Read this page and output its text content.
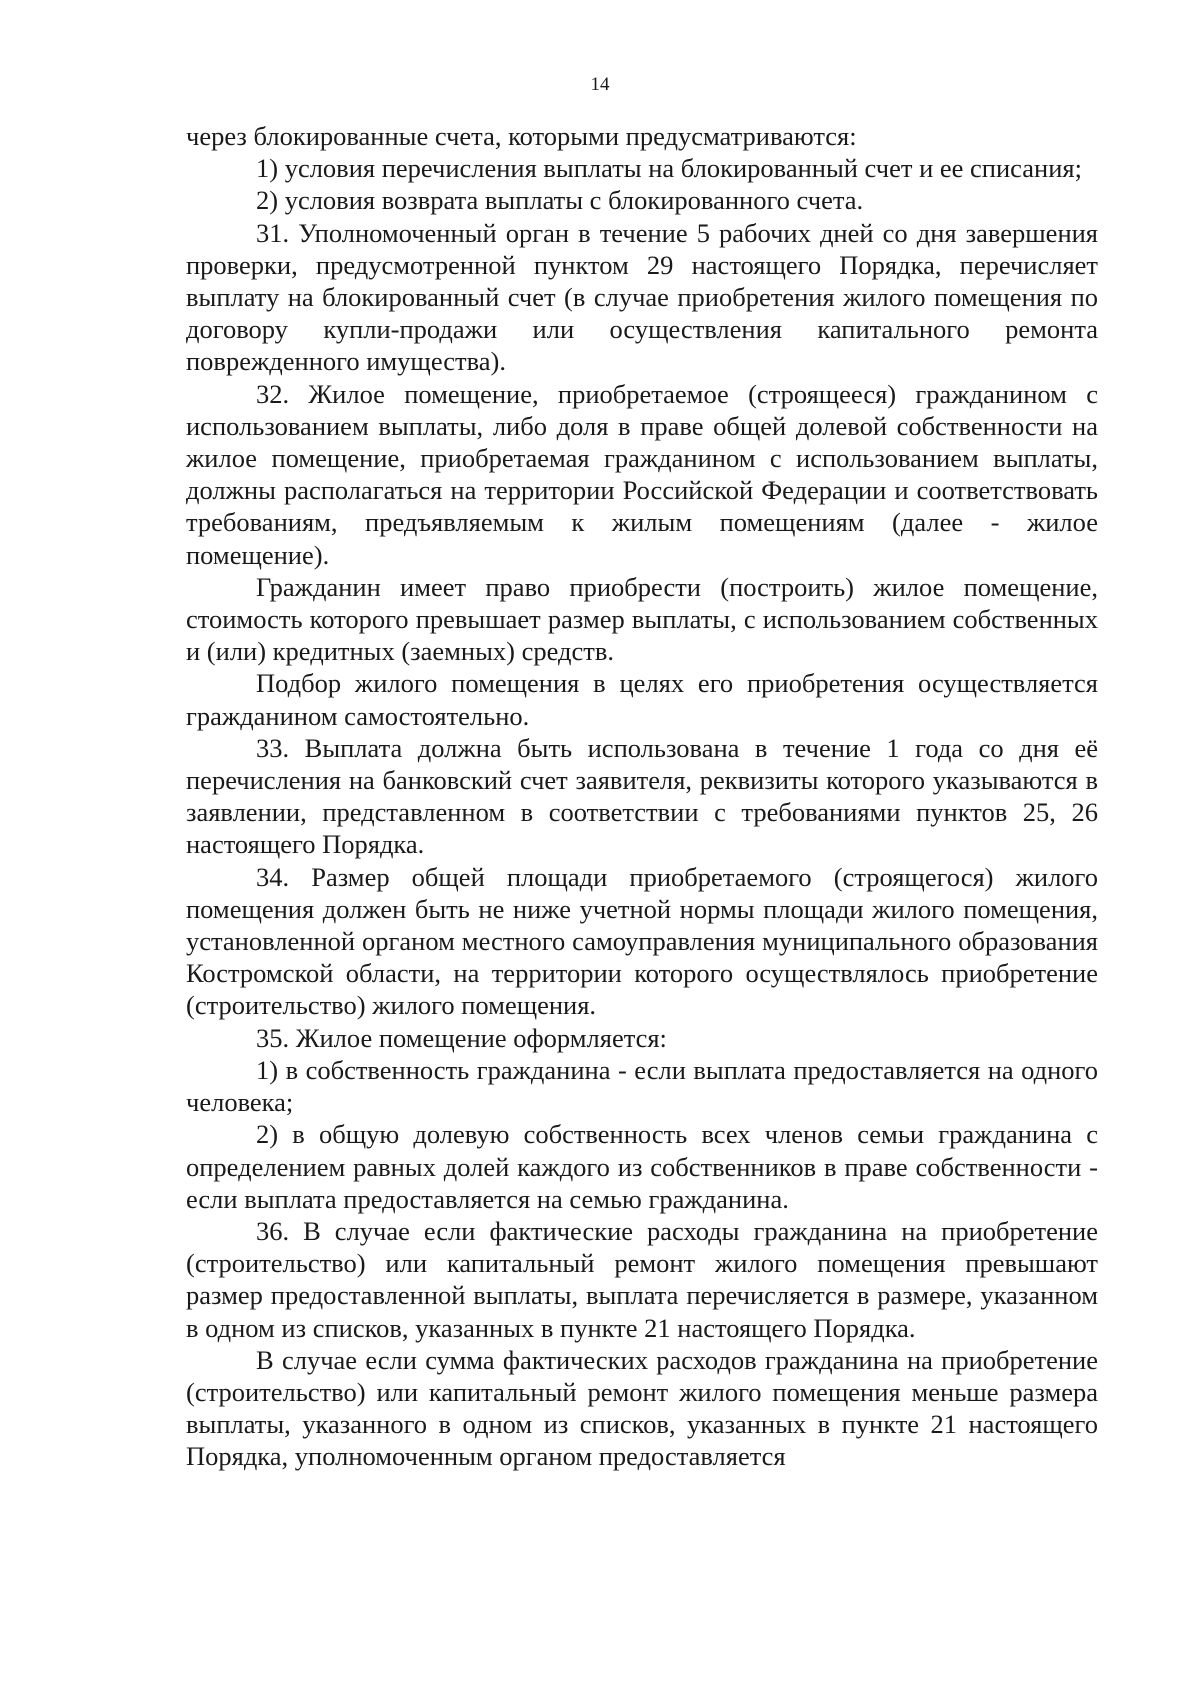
14

через блокированные счета, которыми предусматриваются:

1) условия перечисления выплаты на блокированный счет и ее списания;

2) условия возврата выплаты с блокированного счета.

31. Уполномоченный орган в течение 5 рабочих дней со дня завершения проверки, предусмотренной пунктом 29 настоящего Порядка, перечисляет выплату на блокированный счет (в случае приобретения жилого помещения по договору купли-продажи или осуществления капитального ремонта поврежденного имущества).

32. Жилое помещение, приобретаемое (строящееся) гражданином с использованием выплаты, либо доля в праве общей долевой собственности на жилое помещение, приобретаемая гражданином с использованием выплаты, должны располагаться на территории Российской Федерации и соответствовать требованиям, предъявляемым к жилым помещениям (далее - жилое помещение).

Гражданин имеет право приобрести (построить) жилое помещение, стоимость которого превышает размер выплаты, с использованием собственных и (или) кредитных (заемных) средств.

Подбор жилого помещения в целях его приобретения осуществляется гражданином самостоятельно.

33. Выплата должна быть использована в течение 1 года со дня её перечисления на банковский счет заявителя, реквизиты которого указываются в заявлении, представленном в соответствии с требованиями пунктов 25, 26 настоящего Порядка.

34. Размер общей площади приобретаемого (строящегося) жилого помещения должен быть не ниже учетной нормы площади жилого помещения, установленной органом местного самоуправления муниципального образования Костромской области, на территории которого осуществлялось приобретение (строительство) жилого помещения.

35. Жилое помещение оформляется:

1) в собственность гражданина - если выплата предоставляется на одного человека;

2) в общую долевую собственность всех членов семьи гражданина с определением равных долей каждого из собственников в праве собственности - если выплата предоставляется на семью гражданина.

36. В случае если фактические расходы гражданина на приобретение (строительство) или капитальный ремонт жилого помещения превышают размер предоставленной выплаты, выплата перечисляется в размере, указанном в одном из списков, указанных в пункте 21 настоящего Порядка.

В случае если сумма фактических расходов гражданина на приобретение (строительство) или капитальный ремонт жилого помещения меньше размера выплаты, указанного в одном из списков, указанных в пункте 21 настоящего Порядка, уполномоченным органом предоставляется
